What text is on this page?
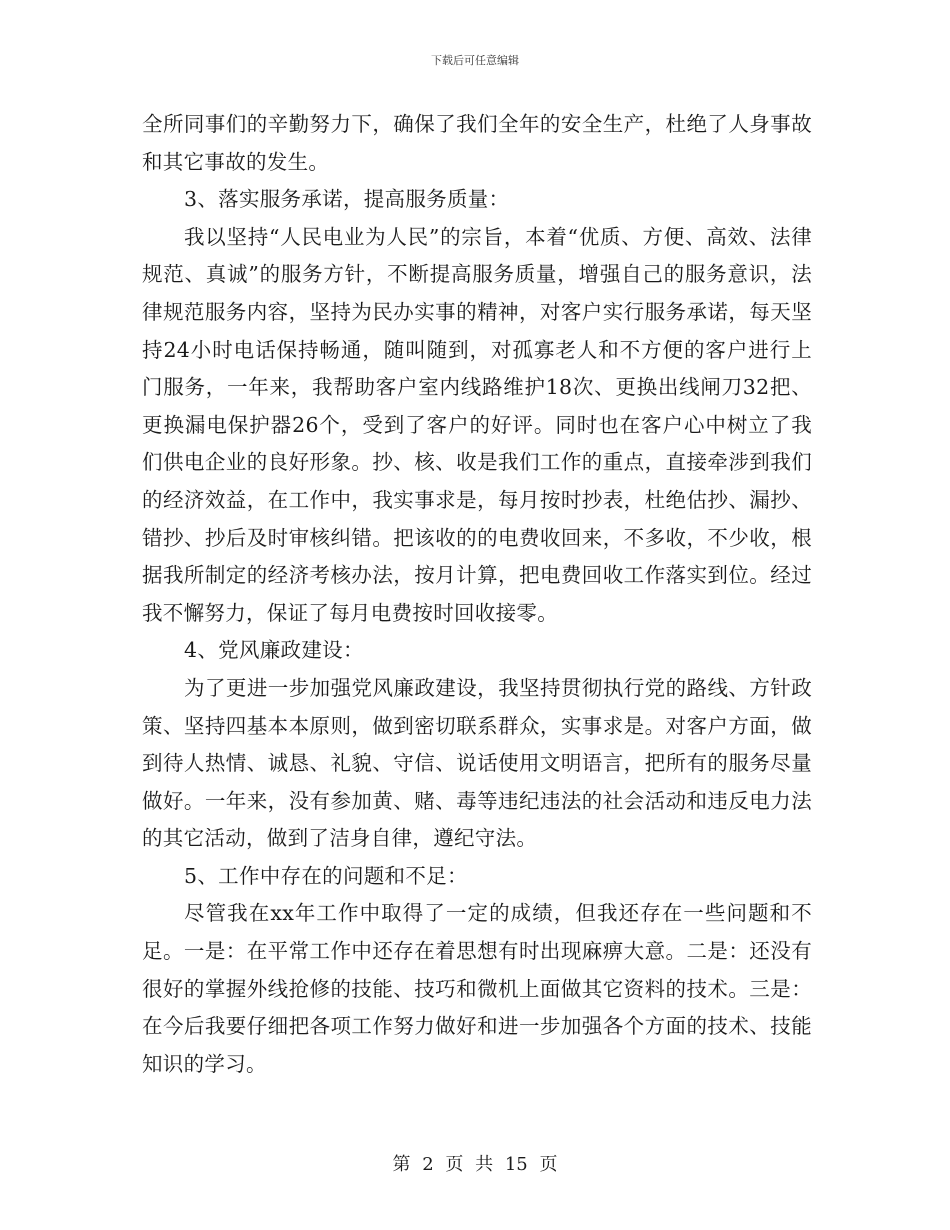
下载后可任意编辑

全所同事们的辛勤努力下，确保了我们全年的安全生产，杜绝了人身事故和其它事故的发生。

3、落实服务承诺，提高服务质量：

我以坚持“人民电业为人民”的宗旨，本着“优质、方便、高效、法律规范、真诚”的服务方针，不断提高服务质量，增强自己的服务意识，法律规范服务内容，坚持为民办实事的精神，对客户实行服务承诺，每天坚持24小时电话保持畅通，随叫随到，对孤寡老人和不方便的客户进行上门服务，一年来，我帮助客户室内线路维护18次、更换出线闸刀32把、更换漏电保护器26个，受到了客户的好评。同时也在客户心中树立了我们供电企业的良好形象。抄、核、收是我们工作的重点，直接牵涉到我们的经济效益，在工作中，我实事求是，每月按时抄表，杜绝估抄、漏抄、错抄、抄后及时审核纠错。把该收的的电费收回来，不多收，不少收，根据我所制定的经济考核办法，按月计算，把电费回收工作落实到位。经过我不懈努力，保证了每月电费按时回收接零。

4、党风廉政建设：

为了更进一步加强党风廉政建设，我坚持贯彻执行党的路线、方针政策、坚持四基本本原则，做到密切联系群众，实事求是。对客户方面，做到待人热情、诚恳、礼貌、守信、说话使用文明语言，把所有的服务尽量做好。一年来，没有参加黄、赌、毒等违纪违法的社会活动和违反电力法的其它活动，做到了洁身自律，遵纪守法。

5、工作中存在的问题和不足：

尽管我在xx年工作中取得了一定的成绩，但我还存在一些问题和不足。一是：在平常工作中还存在着思想有时出现麻痹大意。二是：还没有很好的掌握外线抢修的技能、技巧和微机上面做其它资料的技术。三是：在今后我要仔细把各项工作努力做好和进一步加强各个方面的技术、技能知识的学习。

第 2 页 共 15 页
